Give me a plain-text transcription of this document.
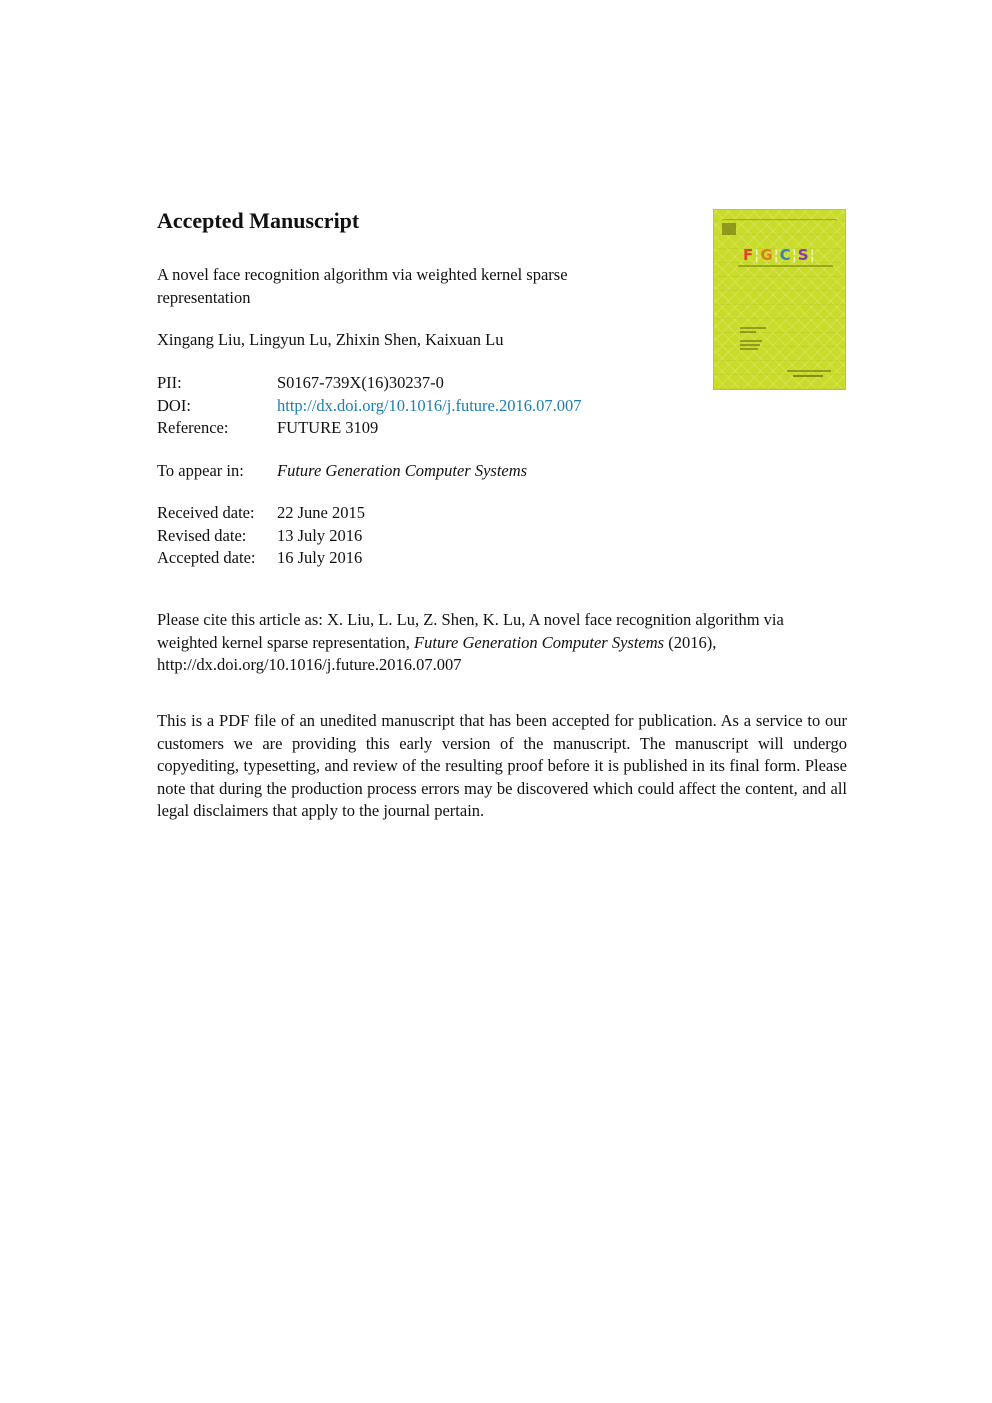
Accepted Manuscript
A novel face recognition algorithm via weighted kernel sparse representation
Xingang Liu, Lingyun Lu, Zhixin Shen, Kaixuan Lu
PII:	S0167-739X(16)30237-0
DOI:	http://dx.doi.org/10.1016/j.future.2016.07.007
Reference:	FUTURE 3109
To appear in:	Future Generation Computer Systems
Received date:	22 June 2015
Revised date:	13 July 2016
Accepted date:	16 July 2016
Please cite this article as: X. Liu, L. Lu, Z. Shen, K. Lu, A novel face recognition algorithm via weighted kernel sparse representation, Future Generation Computer Systems (2016),
http://dx.doi.org/10.1016/j.future.2016.07.007
This is a PDF file of an unedited manuscript that has been accepted for publication. As a service to our customers we are providing this early version of the manuscript. The manuscript will undergo copyediting, typesetting, and review of the resulting proof before it is published in its final form. Please note that during the production process errors may be discovered which could affect the content, and all legal disclaimers that apply to the journal pertain.
F¦G¦C¦S¦
